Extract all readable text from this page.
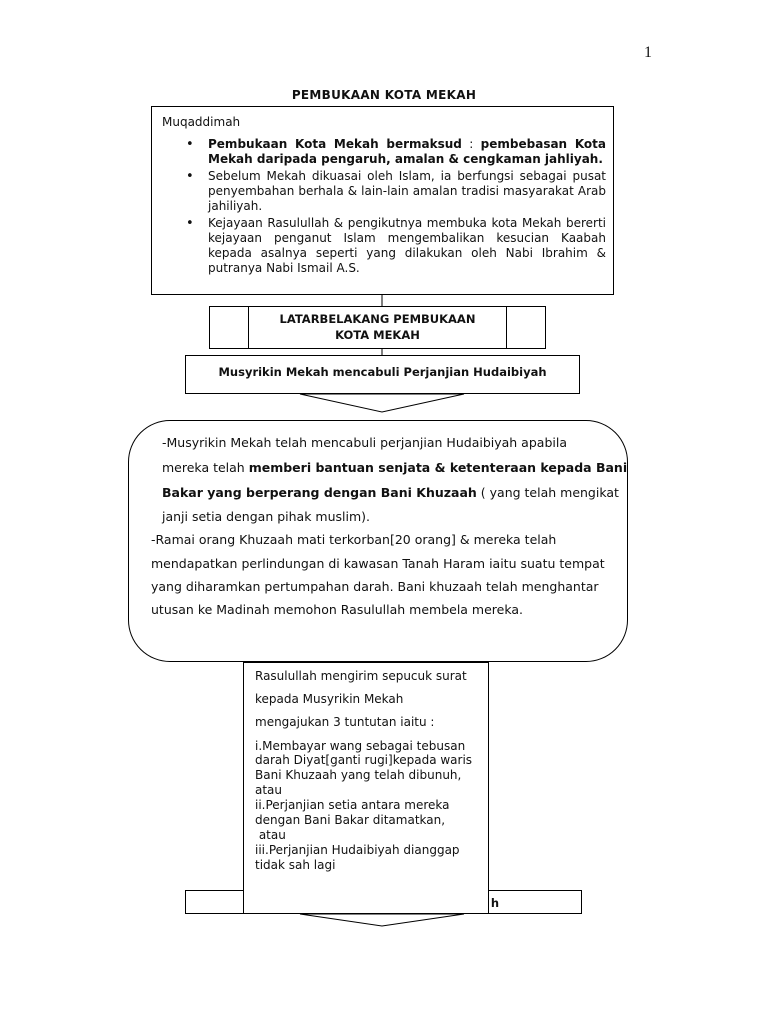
1
PEMBUKAAN KOTA MEKAH
Muqaddimah
• Pembukaan Kota Mekah bermaksud : pembebasan Kota Mekah daripada pengaruh, amalan & cengkaman jahliyah.
• Sebelum Mekah dikuasai oleh Islam, ia berfungsi sebagai pusat penyembahan berhala & lain-lain amalan tradisi masyarakat Arab jahiliyah.
• Kejayaan Rasulullah & pengikutnya membuka kota Mekah bererti kejayaan penganut Islam mengembalikan kesucian Kaabah kepada asalnya seperti yang dilakukan oleh Nabi Ibrahim & putranya Nabi Ismail A.S.
LATARBELAKANG PEMBUKAAN
KOTA MEKAH
Musyrikin Mekah mencabuli Perjanjian Hudaibiyah
-Musyrikin Mekah telah mencabuli perjanjian Hudaibiyah apabila
mereka telah memberi bantuan senjata & ketenteraan kepada Bani
Bakar yang berperang dengan Bani Khuzaah ( yang telah mengikat
janji setia dengan pihak muslim).
-Ramai orang Khuzaah mati terkorban[20 orang] & mereka telah
mendapatkan perlindungan di kawasan Tanah Haram iaitu suatu tempat
yang diharamkan pertumpahan darah. Bani khuzaah telah menghantar
utusan ke Madinah memohon Rasulullah membela mereka.
h
Rasulullah mengirim sepucuk surat
kepada Musyrikin Mekah
mengajukan 3 tuntutan iaitu :
i.Membayar wang sebagai tebusan
darah Diyat[ganti rugi]kepada waris
Bani Khuzaah yang telah dibunuh,
atau
ii.Perjanjian setia antara mereka
dengan Bani Bakar ditamatkan,
atau
iii.Perjanjian Hudaibiyah dianggap
tidak sah lagi
